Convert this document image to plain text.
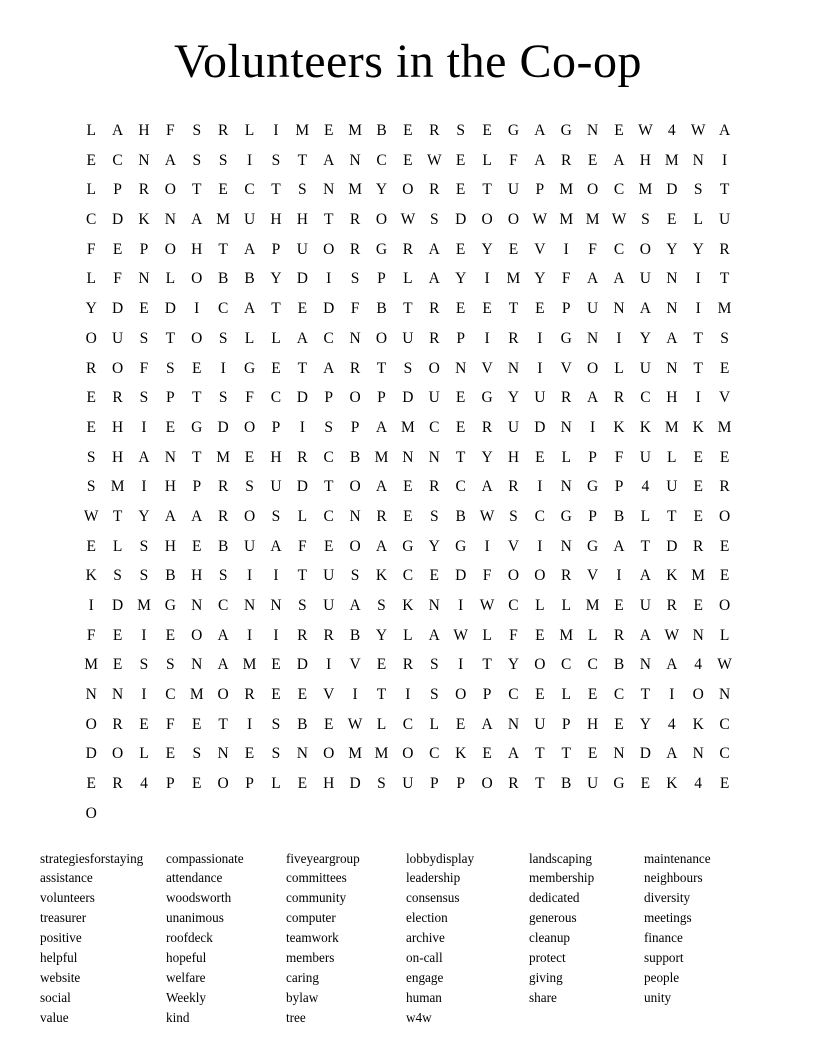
Volunteers in the Co-op
L	A H	F	S	R	L	I	M E M B	E	R	S	E	G A G N	E W 4 W A
E	C	N A	S	S	I	S	T	A N	C	E W E	L	F	A	R	E	A H M N	I
L	P	R	O	T	E	C	T	S	N M Y O	R	E	T	U	P M O	C M D	S	T
C	D K N A M U H H	T	R	O W S	D O O W M M W S	E	L	U
F	E	P	O H	T	A	P	U O	R	G	R	A	E	Y	E	V	I	F	C	O Y Y	R
L	F	N	L	O	B	B	Y D	I	S	P	L	A Y	I	M Y	F	A A U N	I	T
Y D	E	D	I	C	A	T	E	D	F	B	T	R	E	E	T	E	P	U N A N	I	M
O U	S	T	O	S	L	L	A	C	N O U	R	P	I	R	I	G N	I	Y A	T	S
R	O	F	S	E	I	G	E	T	A	R	T	S	O N V N	I	V O	L	U N	T	E
E	R	S	P	T	S	F	C	D	P	O	P	D U	E	G Y U	R	A	R	C	H	I	V
E	H	I	E	G D O	P	I	S	P	A M C	E	R	U D N	I	K K M K M
S	H A N	T M E	H	R	C	B M N N	T	Y H	E	L	P	F	U	L	E	E
S M	I	H	P	R	S	U D	T	O A	E	R	C	A	R	I	N G	P	4	U	E	R
W T	Y A A	R	O	S	L	C	N	R	E	S	B W S	C	G	P	B	L	T	E	O
E	L	S	H	E	B	U A	F	E	O A G Y G	I	V	I	N G A	T	D	R	E
K	S	S	B	H	S	I	I	T	U	S	K	C	E	D	F	O O	R	V	I	A K M E
I	D M G N	C	N N	S	U A	S	K N	I	W C	L	L M E	U	R	E	O
F	E	I	E	O A	I	I	R	R	B	Y	L	A W L	F	E M L	R	A W N	L
M E	S	S	N A M E	D	I	V	E	R	S	I	T	Y O	C	C	B	N A	4 W
N N	I	C M O	R	E	E	V	I	T	I	S	O	P	C	E	L	E	C	T	I	O N
O	R	E	F	E	T	I	S	B	E W L	C	L	E	A N U	P	H	E	Y	4	K	C
D O	L	E	S	N	E	S	N O M M O	C	K	E	A	T	T	E	N D A N	C
E	R	4	P	E	O	P	L	E	H D	S	U	P	P	O	R	T	B	U G	E	K	4	E
O
strategiesforstaying
assistance
volunteers
treasurer
positive
helpful
website
social
value
compassionate
attendance
woodsworth
unanimous
roofdeck
hopeful
welfare
Weekly
kind
fiveyeargroup
committees
community
computer
teamwork
members
caring
bylaw
tree
lobbydisplay
leadership
consensus
election
archive
on-call
engage
human
w4w
landscaping
membership
dedicated
generous
cleanup
protect
giving
share
maintenance
neighbours
diversity
meetings
finance
support
people
unity
